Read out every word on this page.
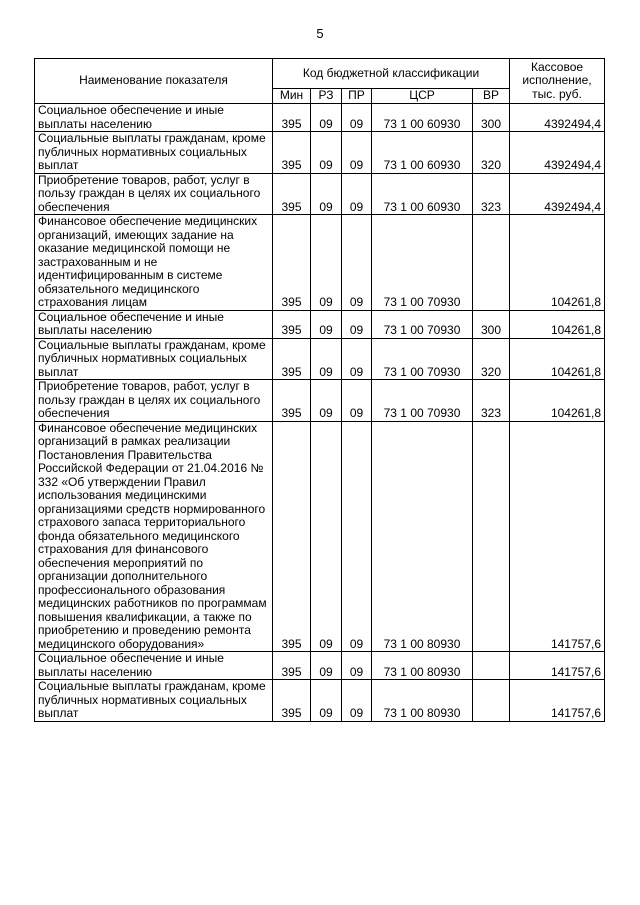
5
Наименование показателя	Код бюджетной классификации					Кассовое исполнение, тыс. руб.
	Мин	РЗ	ПР	ЦСР	ВР	
Социальное обеспечение и иные выплаты населению	395	09	09	73 1 00 60930	300	4392494,4
Социальные выплаты гражданам, кроме публичных нормативных социальных выплат	395	09	09	73 1 00 60930	320	4392494,4
Приобретение товаров, работ, услуг в пользу граждан в целях их социального обеспечения	395	09	09	73 1 00 60930	323	4392494,4
Финансовое обеспечение медицинских организаций, имеющих задание на оказание медицинской помощи не застрахованным и не идентифицированным в системе обязательного медицинского страхования лицам	395	09	09	73 1 00 70930		104261,8
Социальное обеспечение и иные выплаты населению	395	09	09	73 1 00 70930	300	104261,8
Социальные выплаты гражданам, кроме публичных нормативных социальных выплат	395	09	09	73 1 00 70930	320	104261,8
Приобретение товаров, работ, услуг в пользу граждан в целях их социального обеспечения	395	09	09	73 1 00 70930	323	104261,8
Финансовое обеспечение медицинских организаций в рамках реализации Постановления Правительства Российской Федерации от 21.04.2016 № 332 «Об утверждении Правил использования медицинскими организациями средств нормированного страхового запаса территориального фонда обязательного медицинского страхования для финансового обеспечения мероприятий по организации дополнительного профессионального образования медицинских работников по программам повышения квалификации, а также по приобретению и проведению ремонта медицинского оборудования»	395	09	09	73 1 00 80930		141757,6
Социальное обеспечение и иные выплаты населению	395	09	09	73 1 00 80930		141757,6
Социальные выплаты гражданам, кроме публичных нормативных социальных выплат	395	09	09	73 1 00 80930		141757,6
